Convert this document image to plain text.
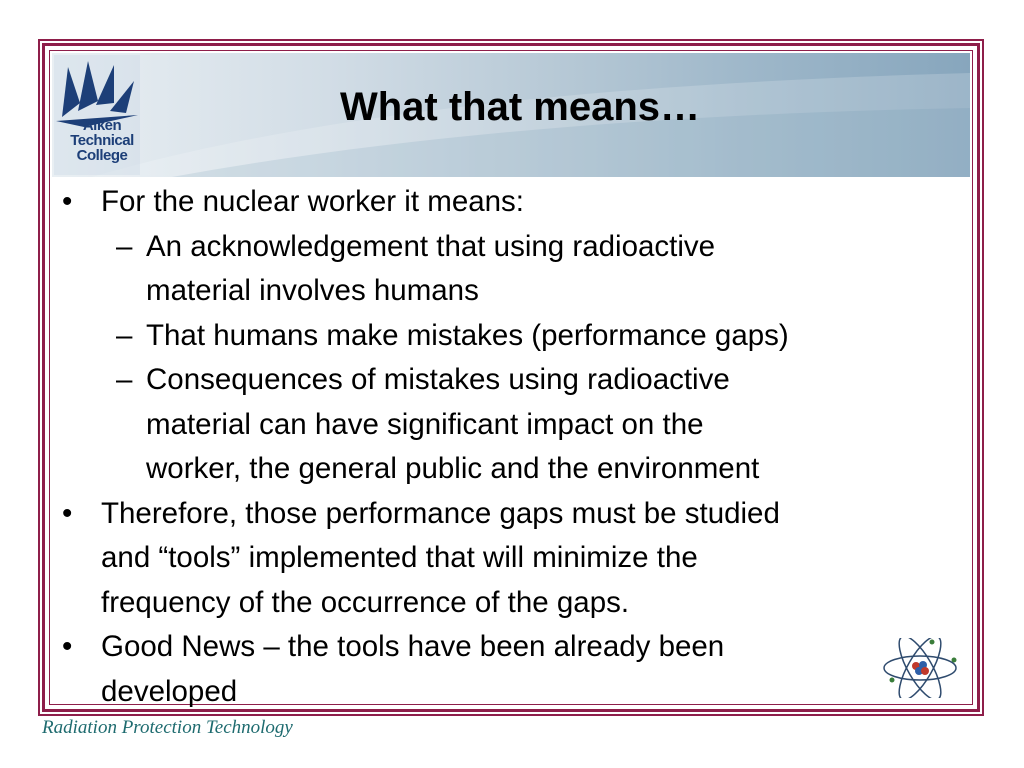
Aiken
Technical
College
What that means…
• For the nuclear worker it means:
– An acknowledgement that using radioactive
material involves humans
– That humans make mistakes (performance gaps)
– Consequences of mistakes using radioactive
material can have significant impact on the
worker, the general public and the environment
• Therefore, those performance gaps must be studied
and “tools” implemented that will minimize the
frequency of the occurrence of the gaps.
• Good News – the tools have been already been
developed
Radiation Protection Technology
